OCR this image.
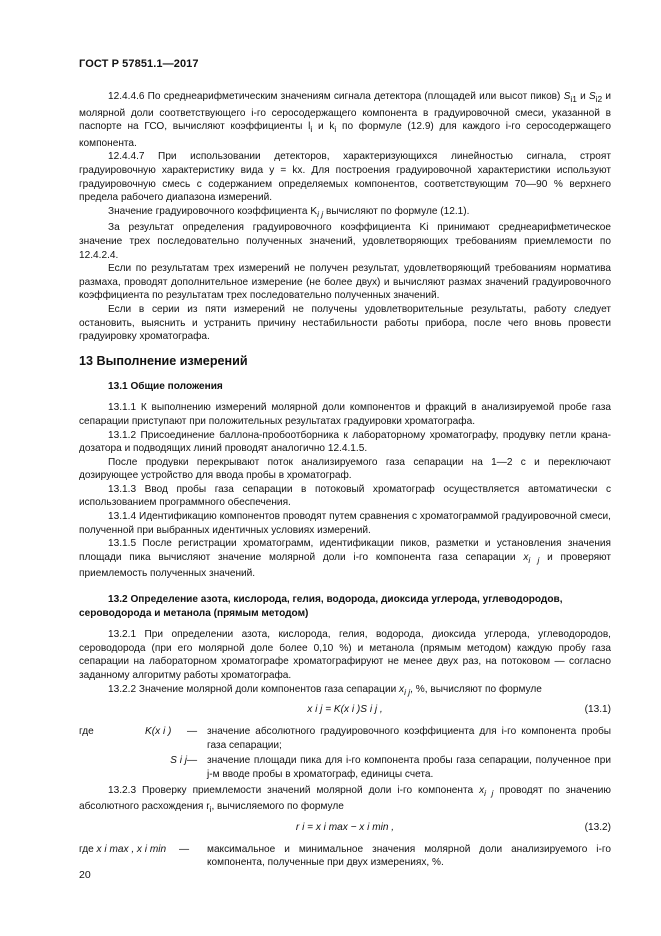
ГОСТ Р 57851.1—2017

12.4.4.6 По среднеарифметическим значениям сигнала детектора (площадей или высот пиков) $S_{i1}$ и $S_{i2}$ и молярной доли соответствующего i-го серосодержащего компонента в градуировочной смеси, указанной в паспорте на ГСО, вычисляют коэффициенты $l_i$ и $k_i$ по формуле (12.9) для каждого i-го серосодержащего компонента.

12.4.4.7 При использовании детекторов, характеризующихся линейностью сигнала, строят градуировочную характеристику вида y = kx. Для построения градуировочной характеристики используют градуировочную смесь с содержанием определяемых компонентов, соответствующим 70—90 % верхнего предела рабочего диапазона измерений.

Значение градуировочного коэффициента $K_{i j}$ вычисляют по формуле (12.1).

За результат определения градуировочного коэффициента Ki принимают среднеарифметическое значение трех последовательно полученных значений, удовлетворяющих требованиям приемлемости по 12.4.2.4.

Если по результатам трех измерений не получен результат, удовлетворяющий требованиям норматива размаха, проводят дополнительное измерение (не более двух) и вычисляют размах значений градуировочного коэффициента по результатам трех последовательно полученных значений.

Если в серии из пяти измерений не получены удовлетворительные результаты, работу следует остановить, выяснить и устранить причину нестабильности работы прибора, после чего вновь провести градуировку хроматографа.

13 Выполнение измерений
13.1 Общие положения

13.1.1 К выполнению измерений молярной доли компонентов и фракций в анализируемой пробе газа сепарации приступают при положительных результатах градуировки хроматографа.

13.1.2 Присоединение баллона-пробоотборника к лабораторному хроматографу, продувку петли крана-дозатора и подводящих линий проводят аналогично 12.4.1.5.

После продувки перекрывают поток анализируемого газа сепарации на 1—2 с и переключают дозирующее устройство для ввода пробы в хроматограф.

13.1.3 Ввод пробы газа сепарации в потоковый хроматограф осуществляется автоматически с использованием программного обеспечения.

13.1.4 Идентификацию компонентов проводят путем сравнения с хроматограммой градуировочной смеси, полученной при выбранных идентичных условиях измерений.

13.1.5 После регистрации хроматограмм, идентификации пиков, разметки и установления значения площади пика вычисляют значение молярной доли i-го компонента газа сепарации $x_{i j}$ и проверяют приемлемость полученных значений.

13.2 Определение азота, кислорода, гелия, водорода, диоксида углерода, углеводородов, сероводорода и метанола (прямым методом)

13.2.1 При определении азота, кислорода, гелия, водорода, диоксида углерода, углеводородов, сероводорода (при его молярной доле более 0,10 %) и метанола (прямым методом) каждую пробу газа сепарации на лабораторном хроматографе хроматографируют не менее двух раз, на потоковом — согласно заданному алгоритму работы хроматографа.

13.2.2 Значение молярной доли компонентов газа сепарации $x_{i j}$, %, вычисляют по формуле

x i j = K(x i )S i j ,	(13.1)
где	K(x i )	— значение абсолютного градуировочного коэффициента для i-го компонента пробы газа сепарации;
S i j — значение площади пика для i-го компонента пробы газа сепарации, полученное при j-м вводе пробы в хроматограф, единицы счета.

13.2.3 Проверку приемлемости значений молярной доли i-го компонента $x_{i j}$ проводят по значению абсолютного расхождения $r_i$, вычисляемого по формуле

r i = x i max − x i min ,	(13.2)
где x i max , x i min	—	максимальное и минимальное значения молярной доли анализируемого i-го компонента, полученные при двух измерениях, %.
20
